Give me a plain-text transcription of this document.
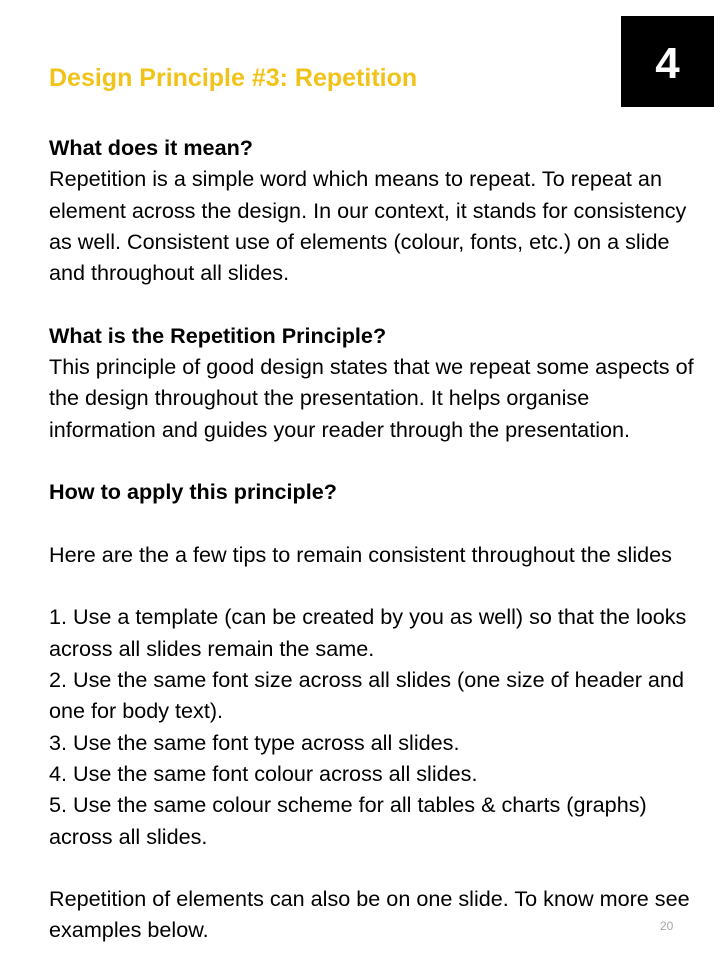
4
Design Principle #3: Repetition

What does it mean?

Repetition is a simple word which means to repeat. To repeat an element across the design. In our context, it stands for consistency as well. Consistent use of elements (colour, fonts, etc.) on a slide and throughout all slides.

What is the Repetition Principle?

This principle of good design states that we repeat some aspects of the design throughout the presentation. It helps organise information and guides your reader through the presentation.

How to apply this principle?

Here are the a few tips to remain consistent throughout the slides

1. Use a template (can be created by you as well) so that the looks across all slides remain the same.
2. Use the same font size across all slides (one size of header and one for body text).
3. Use the same font type across all slides.
4. Use the same font colour across all slides.
5. Use the same colour scheme for all tables & charts (graphs) across all slides.

Repetition of elements can also be on one slide. To know more see examples below.	20
